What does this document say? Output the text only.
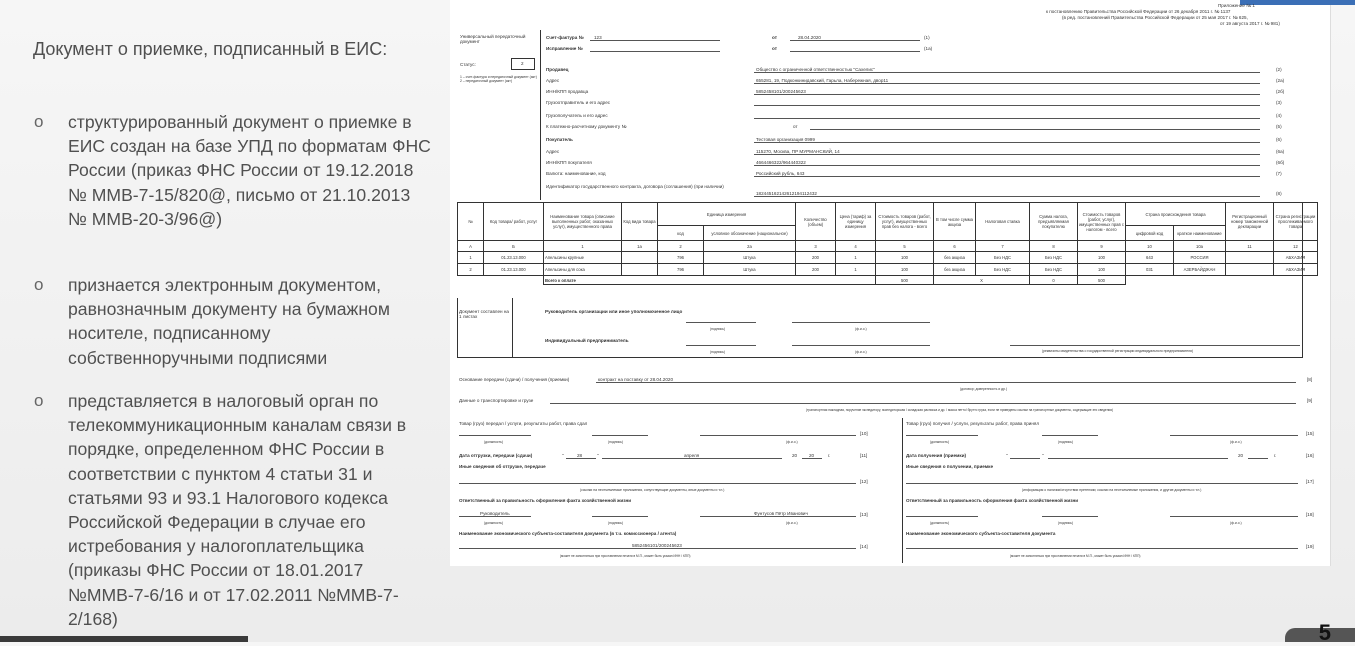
Документ о приемке, подписанный в ЕИС:
o структурированный документ о приемке в ЕИС создан на базе УПД по форматам ФНС России (приказ ФНС России от 19.12.2018 № ММВ-7-15/820@, письмо от 21.10.2013 № ММВ-20-3/96@)
o признается электронным документом, равнозначным документу на бумажном носителе, подписанному собственноручными подписями
o представляется в налоговый орган по телекоммуникационным каналам связи в порядке, определенном ФНС России в соответствии с пунктом 4 статьи 31 и статьями 93 и 93.1 Налогового кодекса Российской Федерации в случае его истребования у налогоплательщика (приказы ФНС России от 18.01.2017 №ММВ-7-6/16 и от 17.02.2011 №ММВ-7-2/168)
5
Приложение № 1
к постановлению Правительства Российской Федерации от 26 декабря 2011 г. № 1137
(в ред. постановлений Правительства Российской Федерации от 25 мая 2017 г. № 625,
от 19 августа 2017 г. № 981)
Универсальный передаточный документ
Статус:	2
1 – счет-фактура и передаточный документ (акт)
2 – передаточный документ (акт)
Счет-фактура № 123	от	28.04.2020	(1)
Исправление №	от	(1а)
Продавец	Общество с ограниченной ответственностью "Сахелис"	(2)
Адрес	655281, 19, Подконкинидавский, Гарьла, Набережная, двор11	(2а)
ИНН/КПП продавца	5852458101/200245623	(2б)
Грузоотправитель и его адрес	(3)
Грузополучатель и его адрес	(4)
К платежно-расчетному документу №	(5)
Покупатель	Тестовая организация 0999	(6)
Адрес	115270, Москва, ПР МУРМАНСКИЙ, 14	(6а)
ИНН/КПП покупателя	4664466322/964440322	(6б)
Валюта: наименование, код	Российский рубль, 643	(7)
Идентификатор государственного контракта, договора (соглашения) (при наличии)
182445162142612194112432	(8)
от
№	Код товара/ работ, услуг	Наименование товара (описание выполненных работ, оказанных услуг), имущественного права	Код вида товара	Единица измерения		Количество (объем)	Цена (тариф) за единицу измерения	Стоимость товаров (работ, услуг), имущественных прав без налога - всего	В том числе сумма акциза	Налоговая ставка	Сумма налога, предъявляемая покупателю	Стоимость товаров (работ, услуг), имущественных прав с налогом - всего	Страна происхождения товара		Регистрационный номер таможенной декларации	Страна регистрации прослеживаемого товара
				код	условное обозначение (национальное)								цифровой код	краткое наименование		
А	Б	1	1а	2	2а	3	4	5	6	7	8	9	10	10а	11	12
1	01.23.13.000	Апельсины крупные		796	Штука	200	1	100	без акциза	Без НДС	Без НДС	100	643	РОССИЯ		АБХАЗИЯ
2	01.23.13.000	Апельсины для сока		796	Штука	200	1	100	без акциза	Без НДС	Без НДС	100	031	АЗЕРБАЙДЖАН		АБХАЗИЯ
		Всего к оплате						500	Х		0	500				
Документ составлен на 1 листах
Руководитель организации или иное уполномоченное лицо
(подпись)	(ф.и.о.)
Индивидуальный предприниматель
(подпись)	(ф.и.о.)	(реквизиты свидетельства о государственной регистрации индивидуального предпринимателя)
Основание передачи (сдачи) / получения (приемки)	контракт на поставку от 28.04.2020	[8]
(договор; доверенность и др.)
Данные о транспортировке и грузе	[9]
(транспортная накладная, поручение экспедитору, экспедиторская / складская расписка и др. / масса нетто/ брутто груза, если не приведены ссылки на транспортные документы, содержащие эти сведения)
Товар (груз) передал / услуги, результаты работ, права сдал
[10]
(должность)	(подпись)	(ф.и.о.)
Дата отгрузки, передачи (сдачи)	"	28	"	апреля	20	20	г.	[11]
Иные сведения об отгрузке, передаче
[12]
(ссылки на неотъемлемые приложения, сопутствующие документы, иные документы и т.п.)
Ответственный за правильность оформления факта хозяйственной жизни
Руководитель	Фунтусов Пётр Иванович	[13]
(должность)	(подпись)	(ф.и.о.)
Наименование экономического субъекта-составителя документа (в т.ч. комиссионера / агента)
5852456101/200245623	[14]
(может не заполняться при проставлении печати в М.П., может быть указан ИНН / КПП)
Товар (груз) получил / услуги, результаты работ, права принял
[15]
(должность)	(подпись)	(ф.и.о.)
Дата получения (приемки)	"	"	20	г.	[16]
Иные сведения о получении, приемке
[17]
(информация о наличии/отсутствии претензии; ссылки на неотъемлемые приложения, и другие документы и т.п.)
Ответственный за правильность оформления факта хозяйственной жизни
[18]
(должность)	(подпись)	(ф.и.о.)
Наименование экономического субъекта-составителя документа
[19]
(может не заполняться при проставлении печати в М.П., может быть указан ИНН / КПП)
